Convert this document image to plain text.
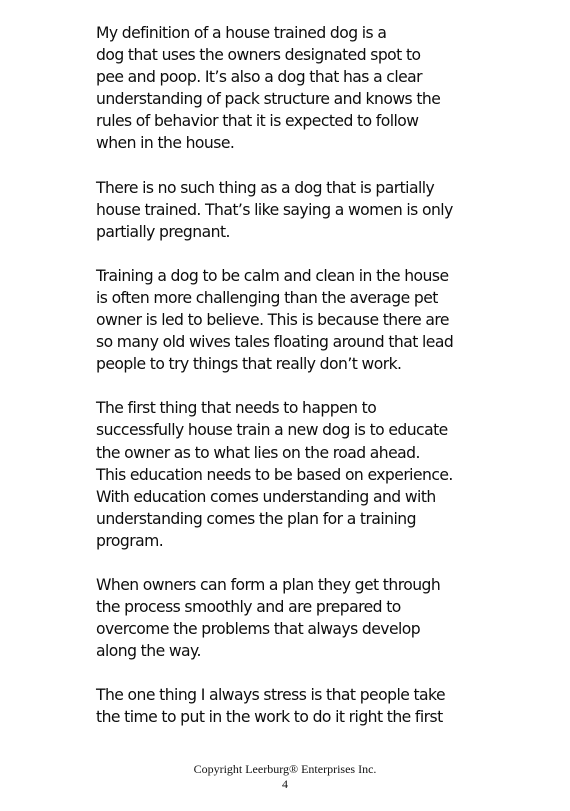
My definition of a house trained dog is a
dog that uses the owners designated spot to
pee and poop. It’s also a dog that has a clear
understanding of pack structure and knows the
rules of behavior that it is expected to follow
when in the house.

There is no such thing as a dog that is partially
house trained. That’s like saying a women is only
partially pregnant.

Training a dog to be calm and clean in the house
is often more challenging than the average pet
owner is led to believe. This is because there are
so many old wives tales floating around that lead
people to try things that really don’t work.

The first thing that needs to happen to
successfully house train a new dog is to educate
the owner as to what lies on the road ahead.
This education needs to be based on experience.
With education comes understanding and with
understanding comes the plan for a training
program.

When owners can form a plan they get through
the process smoothly and are prepared to
overcome the problems that always develop
along the way.

The one thing I always stress is that people take
the time to put in the work to do it right the first

Copyright Leerburg® Enterprises Inc.
4
